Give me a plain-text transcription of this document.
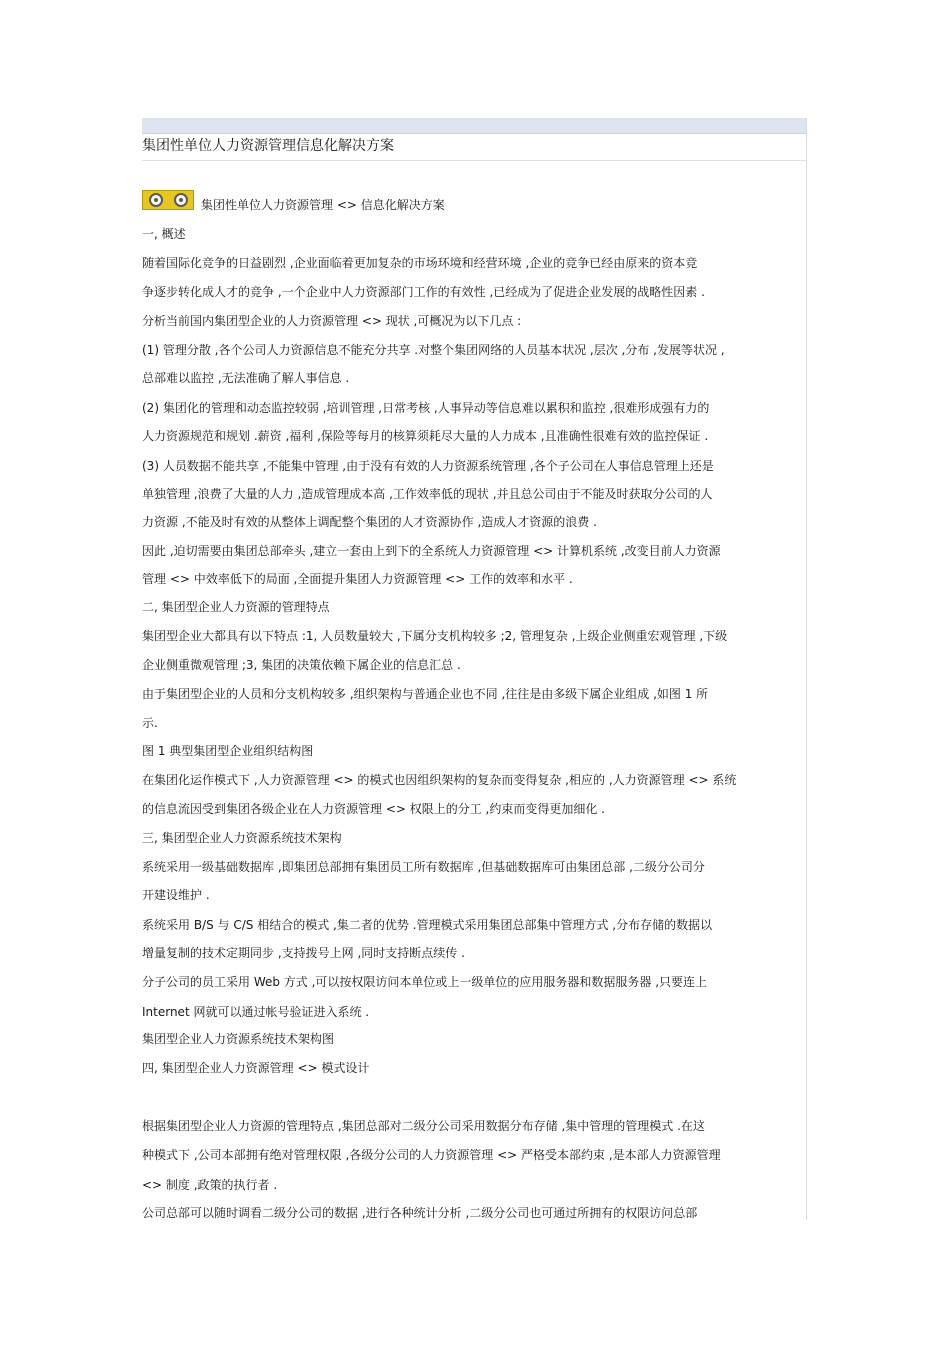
集团性单位人力资源管理信息化解决方案
集团性单位人力资源管理 <> 信息化解决方案

一, 概述

随着国际化竞争的日益剧烈 ,企业面临着更加复杂的市场环境和经营环境 ,企业的竞争已经由原来的资本竞

争逐步转化成人才的竞争 ,一个企业中人力资源部门工作的有效性 ,已经成为了促进企业发展的战略性因素 .

分析当前国内集团型企业的人力资源管理 <> 现状 ,可概况为以下几点 :

(1) 管理分散 ,各个公司人力资源信息不能充分共享 .对整个集团网络的人员基本状况 ,层次 ,分布 ,发展等状况 ,

总部难以监控 ,无法准确了解人事信息 .

(2) 集团化的管理和动态监控较弱 ,培训管理 ,日常考核 ,人事异动等信息难以累积和监控 ,很难形成强有力的

人力资源规范和规划 .薪资 ,福利 ,保险等每月的核算须耗尽大量的人力成本 ,且准确性很难有效的监控保证 .

(3) 人员数据不能共享 ,不能集中管理 ,由于没有有效的人力资源系统管理 ,各个子公司在人事信息管理上还是

单独管理 ,浪费了大量的人力 ,造成管理成本高 ,工作效率低的现状 ,并且总公司由于不能及时获取分公司的人

力资源 ,不能及时有效的从整体上调配整个集团的人才资源协作 ,造成人才资源的浪费 .

因此 ,迫切需要由集团总部牵头 ,建立一套由上到下的全系统人力资源管理 <> 计算机系统 ,改变目前人力资源

管理 <> 中效率低下的局面 ,全面提升集团人力资源管理 <> 工作的效率和水平 .

二, 集团型企业人力资源的管理特点

集团型企业大都具有以下特点 :1, 人员数量较大 ,下属分支机构较多 ;2, 管理复杂 ,上级企业侧重宏观管理 ,下级

企业侧重微观管理 ;3, 集团的决策依赖下属企业的信息汇总 .

由于集团型企业的人员和分支机构较多 ,组织架构与普通企业也不同 ,往往是由多级下属企业组成 ,如图 1 所

示.

图 1 典型集团型企业组织结构图

在集团化运作模式下 ,人力资源管理 <> 的模式也因组织架构的复杂而变得复杂 ,相应的 ,人力资源管理 <> 系统

的信息流因受到集团各级企业在人力资源管理 <> 权限上的分工 ,约束而变得更加细化 .

三, 集团型企业人力资源系统技术架构

系统采用一级基础数据库 ,即集团总部拥有集团员工所有数据库 ,但基础数据库可由集团总部 ,二级分公司分

开建设维护 .

系统采用 B/S 与 C/S 相结合的模式 ,集二者的优势 .管理模式采用集团总部集中管理方式 ,分布存储的数据以

增量复制的技术定期同步 ,支持拨号上网 ,同时支持断点续传 .

分子公司的员工采用 Web 方式 ,可以按权限访问本单位或上一级单位的应用服务器和数据服务器 ,只要连上

Internet 网就可以通过帐号验证进入系统 .

集团型企业人力资源系统技术架构图

四, 集团型企业人力资源管理 <> 模式设计

根据集团型企业人力资源的管理特点 ,集团总部对二级分公司采用数据分布存储 ,集中管理的管理模式 .在这

种模式下 ,公司本部拥有绝对管理权限 ,各级分公司的人力资源管理 <> 严格受本部约束 ,是本部人力资源管理

<> 制度 ,政策的执行者 .

公司总部可以随时调看二级分公司的数据 ,进行各种统计分析 ,二级分公司也可通过所拥有的权限访问总部
